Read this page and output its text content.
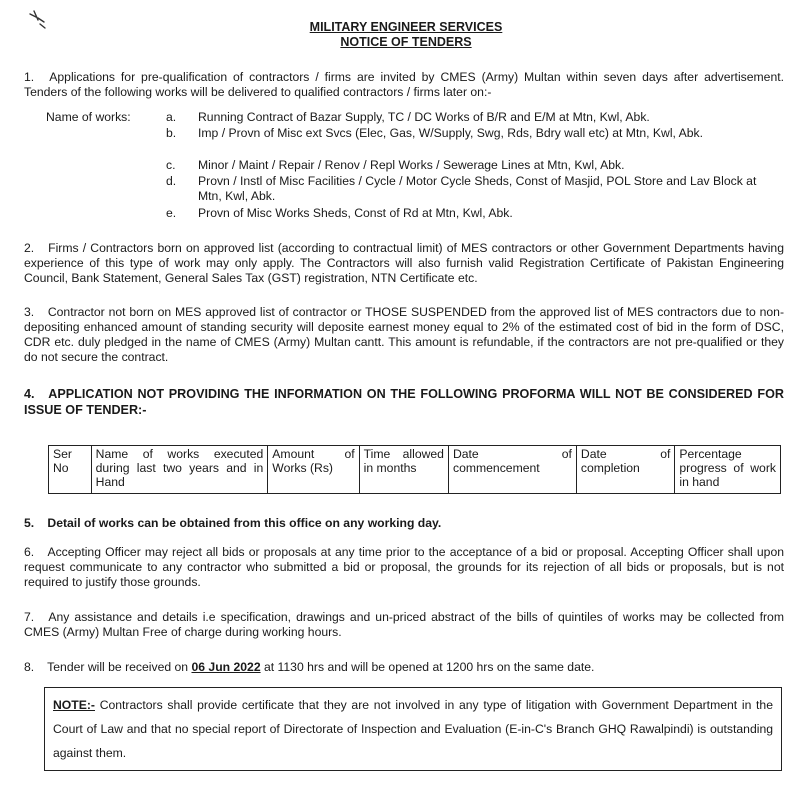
MILITARY ENGINEER SERVICES
NOTICE OF TENDERS
1. Applications for pre-qualification of contractors / firms are invited by CMES (Army) Multan within seven days after advertisement. Tenders of the following works will be delivered to qualified contractors / firms later on:-
Name of works:	a.	Running Contract of Bazar Supply, TC / DC Works of B/R and E/M at Mtn, Kwl, Abk.
b.	Imp / Provn of Misc ext Svcs (Elec, Gas, W/Supply, Swg, Rds, Bdry wall etc) at Mtn, Kwl, Abk.
c.	Minor / Maint / Repair / Renov / Repl Works / Sewerage Lines at Mtn, Kwl, Abk.
d.	Provn / Instl of Misc Facilities / Cycle / Motor Cycle Sheds, Const of Masjid, POL Store and Lav Block at Mtn, Kwl, Abk.
e.	Provn of Misc Works Sheds, Const of Rd at Mtn, Kwl, Abk.
2. Firms / Contractors born on approved list (according to contractual limit) of MES contractors or other Government Departments having experience of this type of work may only apply. The Contractors will also furnish valid Registration Certificate of Pakistan Engineering Council, Bank Statement, General Sales Tax (GST) registration, NTN Certificate etc.
3. Contractor not born on MES approved list of contractor or THOSE SUSPENDED from the approved list of MES contractors due to non-depositing enhanced amount of standing security will deposite earnest money equal to 2% of the estimated cost of bid in the form of DSC, CDR etc. duly pledged in the name of CMES (Army) Multan cantt. This amount is refundable, if the contractors are not pre-qualified or they do not secure the contract.
4. APPLICATION NOT PROVIDING THE INFORMATION ON THE FOLLOWING PROFORMA WILL NOT BE CONSIDERED FOR ISSUE OF TENDER:-
Ser No	Name of works executed during last two years and in Hand	Amount of Works (Rs)	Time allowed in months	Date of commencement	Date of completion	Percentage progress of work in hand
5. Detail of works can be obtained from this office on any working day.
6. Accepting Officer may reject all bids or proposals at any time prior to the acceptance of a bid or proposal. Accepting Officer shall upon request communicate to any contractor who submitted a bid or proposal, the grounds for its rejection of all bids or proposals, but is not required to justify those grounds.
7. Any assistance and details i.e specification, drawings and un-priced abstract of the bills of quintiles of works may be collected from CMES (Army) Multan Free of charge during working hours.
8. Tender will be received on 06 Jun 2022 at 1130 hrs and will be opened at 1200 hrs on the same date.
NOTE:- Contractors shall provide certificate that they are not involved in any type of litigation with Government Department in the Court of Law and that no special report of Directorate of Inspection and Evaluation (E-in-C's Branch GHQ Rawalpindi) is outstanding against them.
